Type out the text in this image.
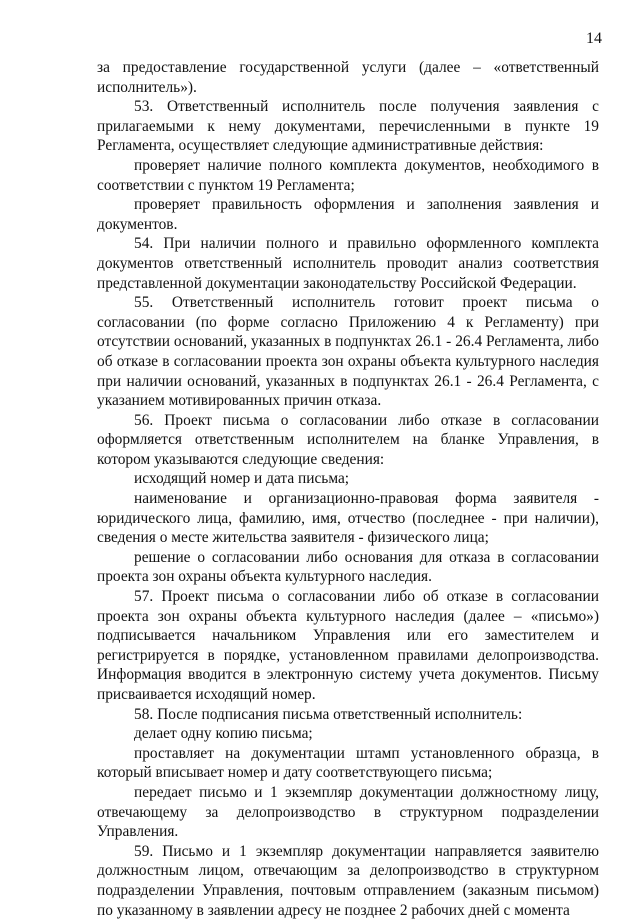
14

за предоставление государственной услуги (далее – «ответственный исполнитель»).

53. Ответственный исполнитель после получения заявления с прилагаемыми к нему документами, перечисленными в пункте 19 Регламента, осуществляет следующие административные действия:

проверяет наличие полного комплекта документов, необходимого в соответствии с пунктом 19 Регламента;

проверяет правильность оформления и заполнения заявления и документов.

54. При наличии полного и правильно оформленного комплекта документов ответственный исполнитель проводит анализ соответствия представленной документации законодательству Российской Федерации.

55. Ответственный исполнитель готовит проект письма о согласовании (по форме согласно Приложению 4 к Регламенту) при отсутствии оснований, указанных в подпунктах 26.1 - 26.4 Регламента, либо об отказе в согласовании проекта зон охраны объекта культурного наследия при наличии оснований, указанных в подпунктах 26.1 - 26.4 Регламента, с указанием мотивированных причин отказа.

56. Проект письма о согласовании либо отказе в согласовании оформляется ответственным исполнителем на бланке Управления, в котором указываются следующие сведения:

исходящий номер и дата письма;

наименование и организационно-правовая форма заявителя - юридического лица, фамилию, имя, отчество (последнее - при наличии), сведения о месте жительства заявителя - физического лица;

решение о согласовании либо основания для отказа в согласовании проекта зон охраны объекта культурного наследия.

57. Проект письма о согласовании либо об отказе в согласовании проекта зон охраны объекта культурного наследия (далее – «письмо») подписывается начальником Управления или его заместителем и регистрируется в порядке, установленном правилами делопроизводства. Информация вводится в электронную систему учета документов. Письму присваивается исходящий номер.

58. После подписания письма ответственный исполнитель:

делает одну копию письма;

проставляет на документации штамп установленного образца, в который вписывает номер и дату соответствующего письма;

передает письмо и 1 экземпляр документации должностному лицу, отвечающему за делопроизводство в структурном подразделении Управления.

59. Письмо и 1 экземпляр документации направляется заявителю должностным лицом, отвечающим за делопроизводство в структурном подразделении Управления, почтовым отправлением (заказным письмом) по указанному в заявлении адресу не позднее 2 рабочих дней с момента
